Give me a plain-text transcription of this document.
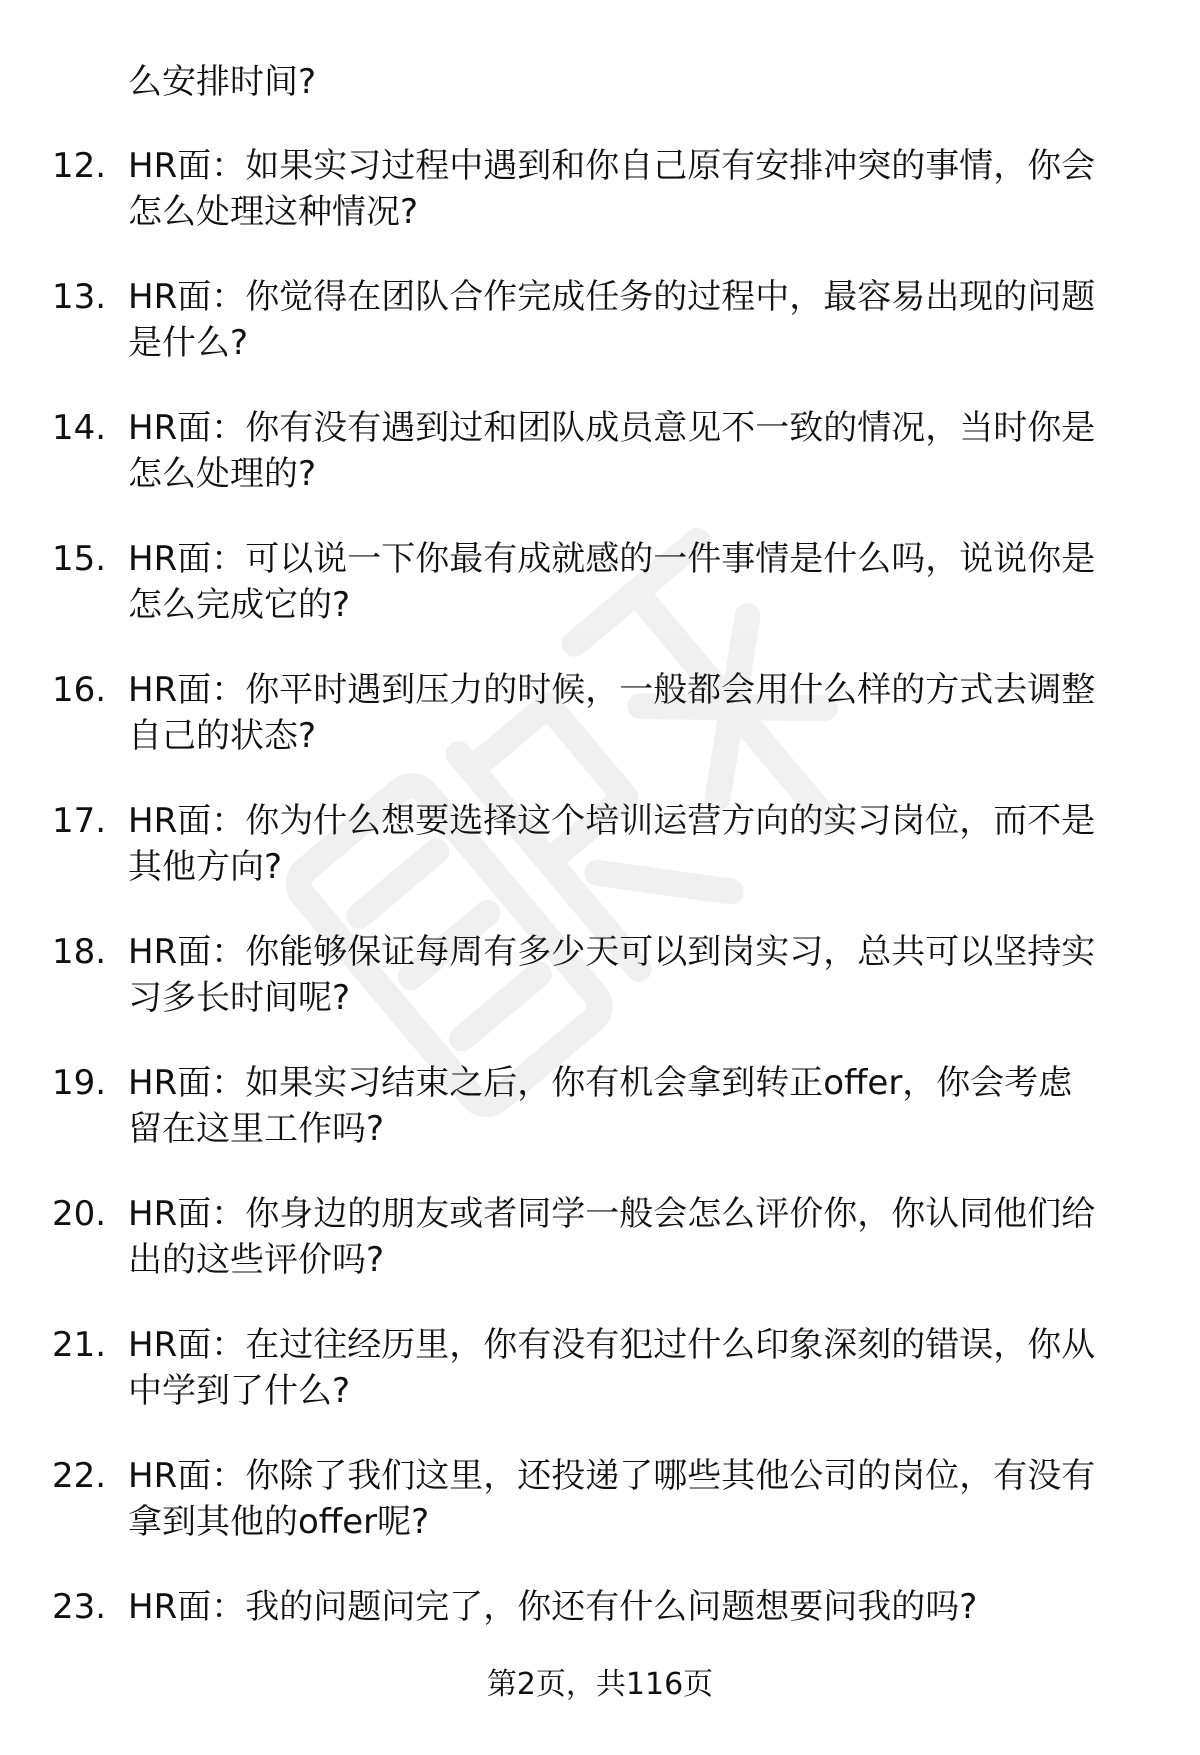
么安排时间?
12. HR面：如果实习过程中遇到和你自己原有安排冲突的事情，你会
怎么处理这种情况?
13. HR面：你觉得在团队合作完成任务的过程中，最容易出现的问题
是什么?
14. HR面：你有没有遇到过和团队成员意见不一致的情况，当时你是
怎么处理的?
15. HR面：可以说一下你最有成就感的一件事情是什么吗，说说你是
怎么完成它的?
16. HR面：你平时遇到压力的时候，一般都会用什么样的方式去调整
自己的状态?
17. HR面：你为什么想要选择这个培训运营方向的实习岗位，而不是
其他方向?
18. HR面：你能够保证每周有多少天可以到岗实习，总共可以坚持实
习多长时间呢?
19. HR面：如果实习结束之后，你有机会拿到转正offer，你会考虑
留在这里工作吗?
20. HR面：你身边的朋友或者同学一般会怎么评价你，你认同他们给
出的这些评价吗?
21. HR面：在过往经历里，你有没有犯过什么印象深刻的错误，你从
中学到了什么?
22. HR面：你除了我们这里，还投递了哪些其他公司的岗位，有没有
拿到其他的offer呢?
23. HR面：我的问题问完了，你还有什么问题想要问我的吗?
第2页，共116页
